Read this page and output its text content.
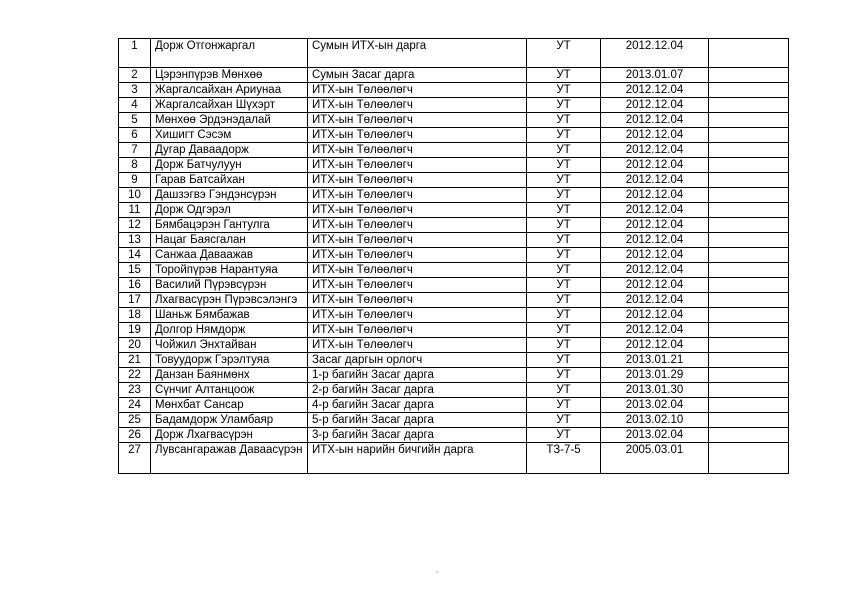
1	Дорж Отгонжаргал	Сумын ИТХ-ын дарга	УТ	2012.12.04	
2	Цэрэнпүрэв Мөнхөө	Сумын Засаг дарга	УТ	2013.01.07	
3	Жаргалсайхан Ариунаа	ИТХ-ын Төлөөлөгч	УТ	2012.12.04	
4	Жаргалсайхан Шүхэрт	ИТХ-ын Төлөөлөгч	УТ	2012.12.04	
5	Мөнхөө Эрдэнэдалай	ИТХ-ын Төлөөлөгч	УТ	2012.12.04	
6	Хишигт Сэсэм	ИТХ-ын Төлөөлөгч	УТ	2012.12.04	
7	Дугар Даваадорж	ИТХ-ын Төлөөлөгч	УТ	2012.12.04	
8	Дорж Батчулуун	ИТХ-ын Төлөөлөгч	УТ	2012.12.04	
9	Гарав Батсайхан	ИТХ-ын Төлөөлөгч	УТ	2012.12.04	
10	Дашзэгвэ Гэндэнсүрэн	ИТХ-ын Төлөөлөгч	УТ	2012.12.04	
11	Дорж Одгэрэл	ИТХ-ын Төлөөлөгч	УТ	2012.12.04	
12	Бямбацэрэн Гантулга	ИТХ-ын Төлөөлөгч	УТ	2012.12.04	
13	Нацаг Баясгалан	ИТХ-ын Төлөөлөгч	УТ	2012.12.04	
14	Санжаа Даваажав	ИТХ-ын Төлөөлөгч	УТ	2012.12.04	
15	Торойпүрэв Нарантуяа	ИТХ-ын Төлөөлөгч	УТ	2012.12.04	
16	Василий Пүрэвсүрэн	ИТХ-ын Төлөөлөгч	УТ	2012.12.04	
17	Лхагвасүрэн Пүрэвсэлэнгэ	ИТХ-ын Төлөөлөгч	УТ	2012.12.04	
18	Шаньж Бямбажав	ИТХ-ын Төлөөлөгч	УТ	2012.12.04	
19	Долгор Нямдорж	ИТХ-ын Төлөөлөгч	УТ	2012.12.04	
20	Чойжил Энхтайван	ИТХ-ын Төлөөлөгч	УТ	2012.12.04	
21	Товуудорж Гэрэлтуяа	Засаг даргын орлогч	УТ	2013.01.21	
22	Данзан Баянмөнх	1-р багийн Засаг дарга	УТ	2013.01.29	
23	Сүнчиг Алтанцоож	2-р багийн Засаг дарга	УТ	2013.01.30	
24	Мөнхбат Сансар	4-р багийн Засаг дарга	УТ	2013.02.04	
25	Бадамдорж Уламбаяр	5-р багийн Засаг дарга	УТ	2013.02.10	
26	Дорж Лхагвасүрэн	3-р багийн Засаг дарга	УТ	2013.02.04	
27	Лувсангаражав Даваасүрэн	ИТХ-ын нарийн бичгийн дарга	ТЗ-7-5	2005.03.01	
